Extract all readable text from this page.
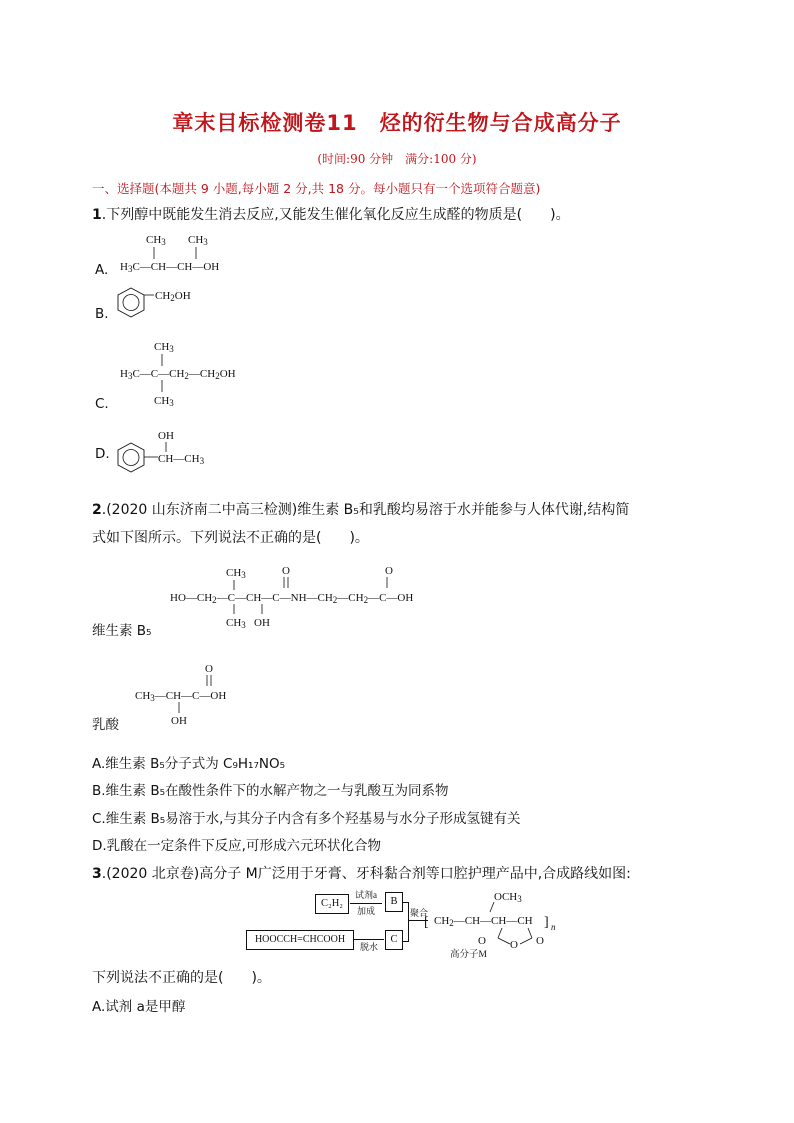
章末目标检测卷11　烃的衍生物与合成高分子
(时间:90 分钟　满分:100 分)
一、选择题(本题共 9 小题,每小题 2 分,共 18 分。每小题只有一个选项符合题意)
1.下列醇中既能发生消去反应,又能发生催化氧化反应生成醛的物质是(　　)。
A.
CH3 CH3
H3C—CH—CH—OH
B.
CH2OH
C.
CH3
H3C—C—CH2—CH2OH
CH3
D.
OH
CH—CH3
2.(2020 山东济南二中高三检测)维生素 B₅和乳酸均易溶于水并能参与人体代谢,结构简
式如下图所示。下列说法不正确的是(　　)。
CH3	O	O
HO—CH2—C—CH—C—NH—CH2—CH2—C—OH
CH3 OH
维生素 B₅
O
CH3—CH—C—OH
OH
乳酸
A.维生素 B₅分子式为 C₉H₁₇NO₅
B.维生素 B₅在酸性条件下的水解产物之一与乳酸互为同系物
C.维生素 B₅易溶于水,与其分子内含有多个羟基易与水分子形成氢键有关
D.乳酸在一定条件下反应,可形成六元环状化合物
3.(2020 北京卷)高分子 M广泛用于牙膏、牙科黏合剂等口腔护理产品中,合成路线如图:
C₂H₂
试剂a
加成
B
HOOCCH=CHCOOH
脱水
C
聚合
OCH3
[ CH2—CH—CH—CH ] n
O O O
高分子M
下列说法不正确的是(　　)。
A.试剂 a是甲醇
